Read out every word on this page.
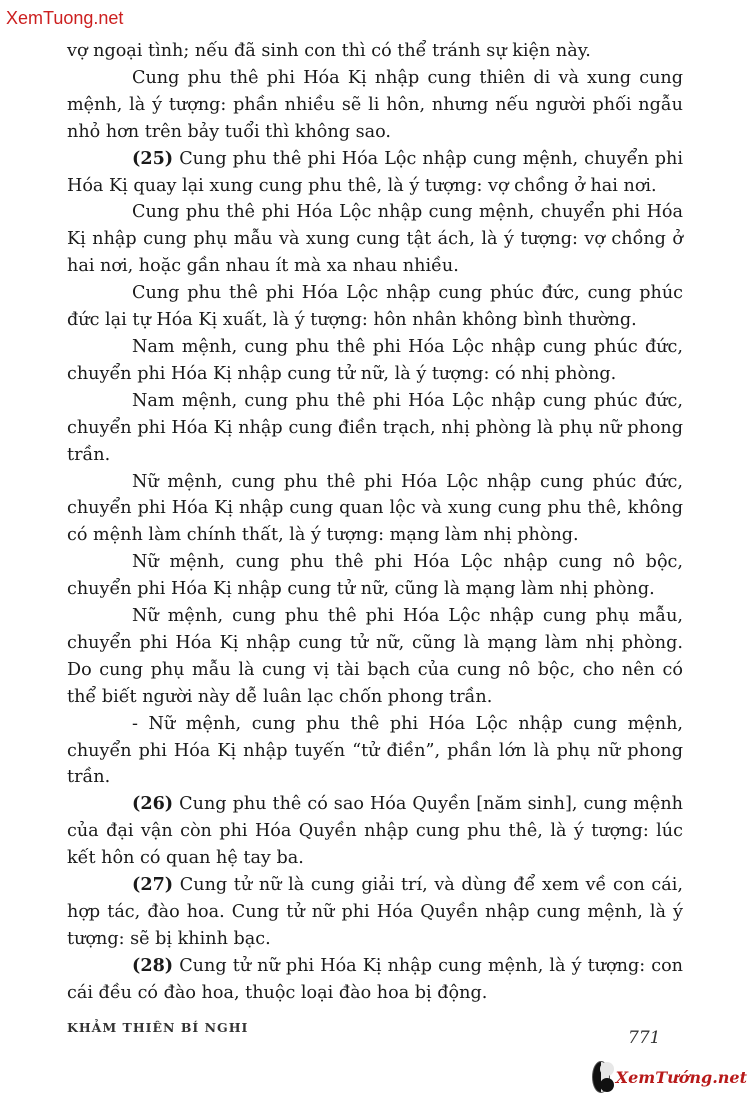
XemTuong.net

vợ ngoại tình; nếu đã sinh con thì có thể tránh sự kiện này.

Cung phu thê phi Hóa Kị nhập cung thiên di và xung cung mệnh, là ý tượng: phần nhiều sẽ li hôn, nhưng nếu người phối ngẫu nhỏ hơn trên bảy tuổi thì không sao.

(25) Cung phu thê phi Hóa Lộc nhập cung mệnh, chuyển phi Hóa Kị quay lại xung cung phu thê, là ý tượng: vợ chồng ở hai nơi.

Cung phu thê phi Hóa Lộc nhập cung mệnh, chuyển phi Hóa Kị nhập cung phụ mẫu và xung cung tật ách, là ý tượng: vợ chồng ở hai nơi, hoặc gần nhau ít mà xa nhau nhiều.

Cung phu thê phi Hóa Lộc nhập cung phúc đức, cung phúc đức lại tự Hóa Kị xuất, là ý tượng: hôn nhân không bình thường.

Nam mệnh, cung phu thê phi Hóa Lộc nhập cung phúc đức, chuyển phi Hóa Kị nhập cung tử nữ, là ý tượng: có nhị phòng.

Nam mệnh, cung phu thê phi Hóa Lộc nhập cung phúc đức, chuyển phi Hóa Kị nhập cung điền trạch, nhị phòng là phụ nữ phong trần.

Nữ mệnh, cung phu thê phi Hóa Lộc nhập cung phúc đức, chuyển phi Hóa Kị nhập cung quan lộc và xung cung phu thê, không có mệnh làm chính thất, là ý tượng: mạng làm nhị phòng.

Nữ mệnh, cung phu thê phi Hóa Lộc nhập cung nô bộc, chuyển phi Hóa Kị nhập cung tử nữ, cũng là mạng làm nhị phòng.

Nữ mệnh, cung phu thê phi Hóa Lộc nhập cung phụ mẫu, chuyển phi Hóa Kị nhập cung tử nữ, cũng là mạng làm nhị phòng. Do cung phụ mẫu là cung vị tài bạch của cung nô bộc, cho nên có thể biết người này dễ luân lạc chốn phong trần.

- Nữ mệnh, cung phu thê phi Hóa Lộc nhập cung mệnh, chuyển phi Hóa Kị nhập tuyến “tử điền”, phần lớn là phụ nữ phong trần.

(26) Cung phu thê có sao Hóa Quyền [năm sinh], cung mệnh của đại vận còn phi Hóa Quyền nhập cung phu thê, là ý tượng: lúc kết hôn có quan hệ tay ba.

(27) Cung tử nữ là cung giải trí, và dùng để xem về con cái, hợp tác, đào hoa. Cung tử nữ phi Hóa Quyền nhập cung mệnh, là ý tượng: sẽ bị khinh bạc.

(28) Cung tử nữ phi Hóa Kị nhập cung mệnh, là ý tượng: con cái đều có đào hoa, thuộc loại đào hoa bị động.

KHẢM THIÊN BÍ NGHI
771
XemTướng.net
